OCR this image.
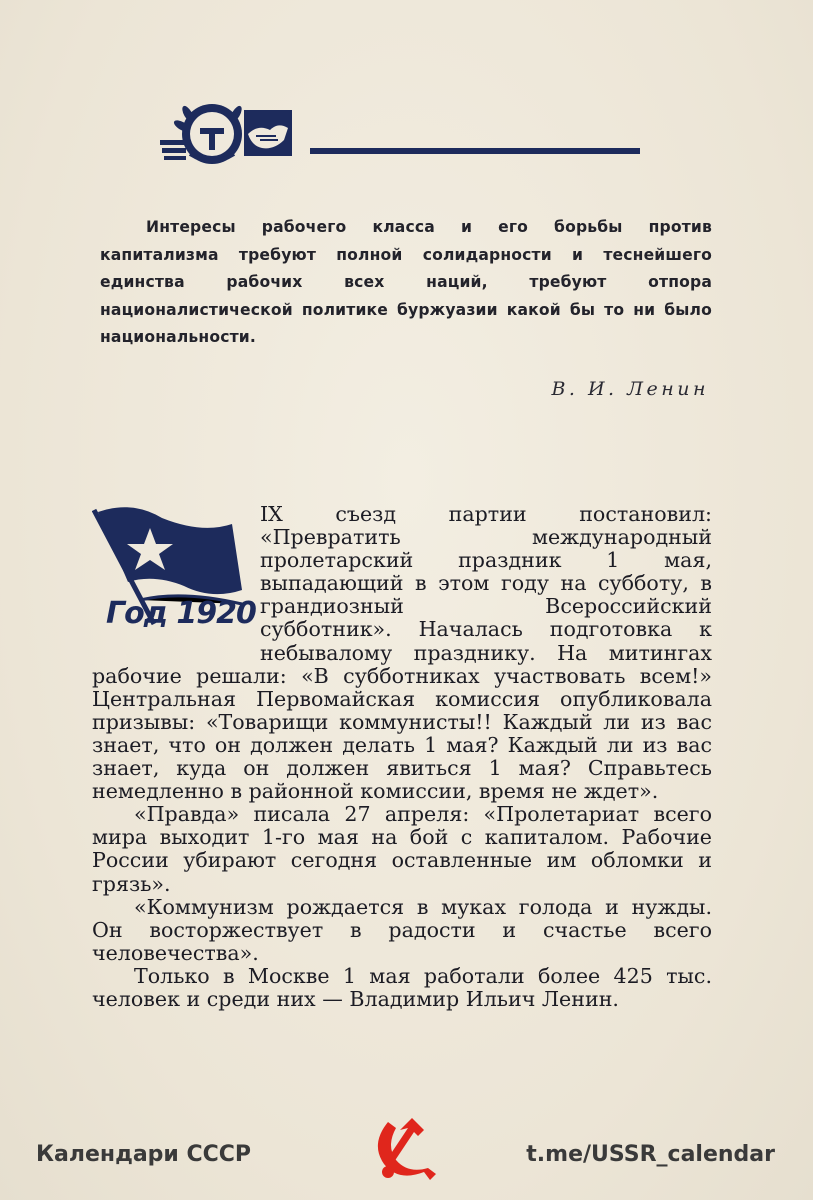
Интересы рабочего класса и его борьбы против капитализма требуют полной солидарности и теснейшего единства рабочих всех наций, требуют отпора националистической политике буржуазии какой бы то ни было национальности.
В. И. Ленин
Год 1920

IX съезд партии постановил: «Превратить международный пролетарский праздник 1 мая, выпадающий в этом году на субботу, в грандиозный Всероссийский субботник». Началась подготовка к небывалому празднику. На митингах рабочие решали: «В субботниках участвовать всем!» Центральная Первомайская комиссия опубликовала призывы: «Товарищи коммунисты!! Каждый ли из вас знает, что он должен делать 1 мая? Каждый ли из вас знает, куда он должен явиться 1 мая? Справьтесь немедленно в районной комиссии, время не ждет».

«Правда» писала 27 апреля: «Пролетариат всего мира выходит 1-го мая на бой с капиталом. Рабочие России убирают сегодня оставленные им обломки и грязь».

«Коммунизм рождается в муках голода и нужды. Он восторжествует в радости и счастье всего человечества».

Только в Москве 1 мая работали более 425 тыс. человек и среди них — Владимир Ильич Ленин.

Календари СССР	t.me/USSR_calendar
